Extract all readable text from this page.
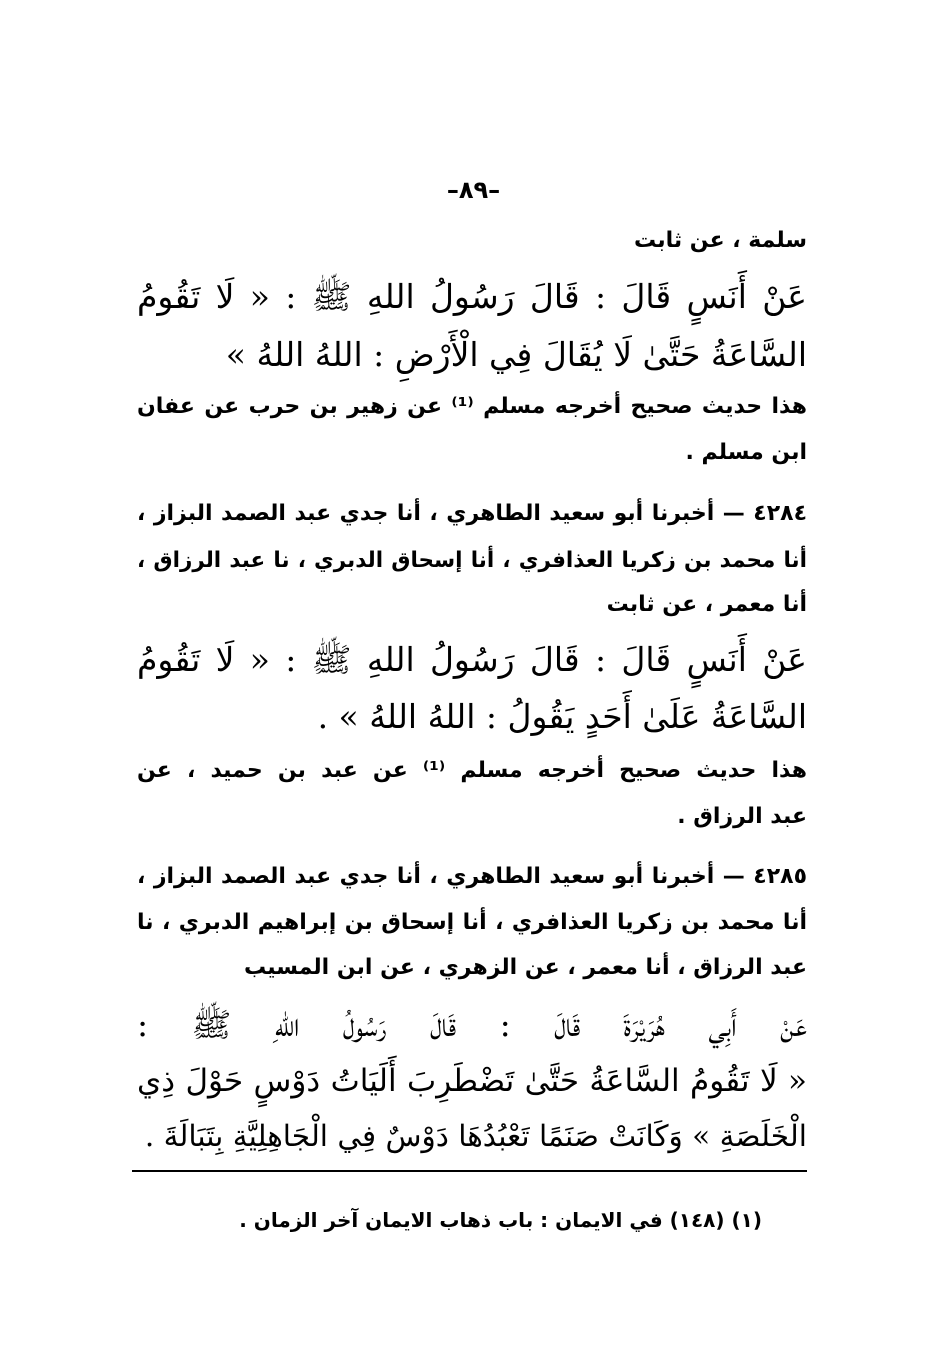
–٨٩–
سلمة ، عن ثابت
عَنْ أَنَسٍ قَالَ : قَالَ رَسُولُ اللهِ ﷺ : « لَا تَقُومُ
السَّاعَةُ حَتَّىٰ لَا يُقَالَ فِي الْأَرْضِ : اللهُ اللهُ »
هذا حديث صحيح أخرجه مسلم ⁽¹⁾ عن زهير بن حرب عن عفان
ابن مسلم .
٤٢٨٤ — أخبرنا أبو سعيد الطاهري ، أنا جدي عبد الصمد البزاز ،
أنا محمد بن زكريا العذافري ، أنا إسحاق الدبري ، نا عبد الرزاق ،
أنا معمر ، عن ثابت
عَنْ أَنَسٍ قَالَ : قَالَ رَسُولُ اللهِ ﷺ : « لَا تَقُومُ
السَّاعَةُ عَلَىٰ أَحَدٍ يَقُولُ : اللهُ اللهُ » .
هذا حديث صحيح أخرجه مسلم ⁽¹⁾ عن عبد بن حميد ، عن
عبد الرزاق .
٤٢٨٥ — أخبرنا أبو سعيد الطاهري ، أنا جدي عبد الصمد البزاز ،
أنا محمد بن زكريا العذافري ، أنا إسحاق بن إبراهيم الدبري ، نا
عبد الرزاق ، أنا معمر ، عن الزهري ، عن ابن المسيب
عَنْ أَبِي هُرَيْرَةَ قَالَ : قَالَ رَسُولُ اللهِ ﷺ :
« لَا تَقُومُ السَّاعَةُ حَتَّىٰ تَضْطَرِبَ أَلَيَاتُ دَوْسٍ حَوْلَ ذِي
الْخَلَصَةِ » وَكَانَتْ صَنَمًا تَعْبُدُهَا دَوْسٌ فِي الْجَاهِلِيَّةِ بِتَبَالَةَ .
(١) (١٤٨) في الايمان : باب ذهاب الايمان آخر الزمان .
